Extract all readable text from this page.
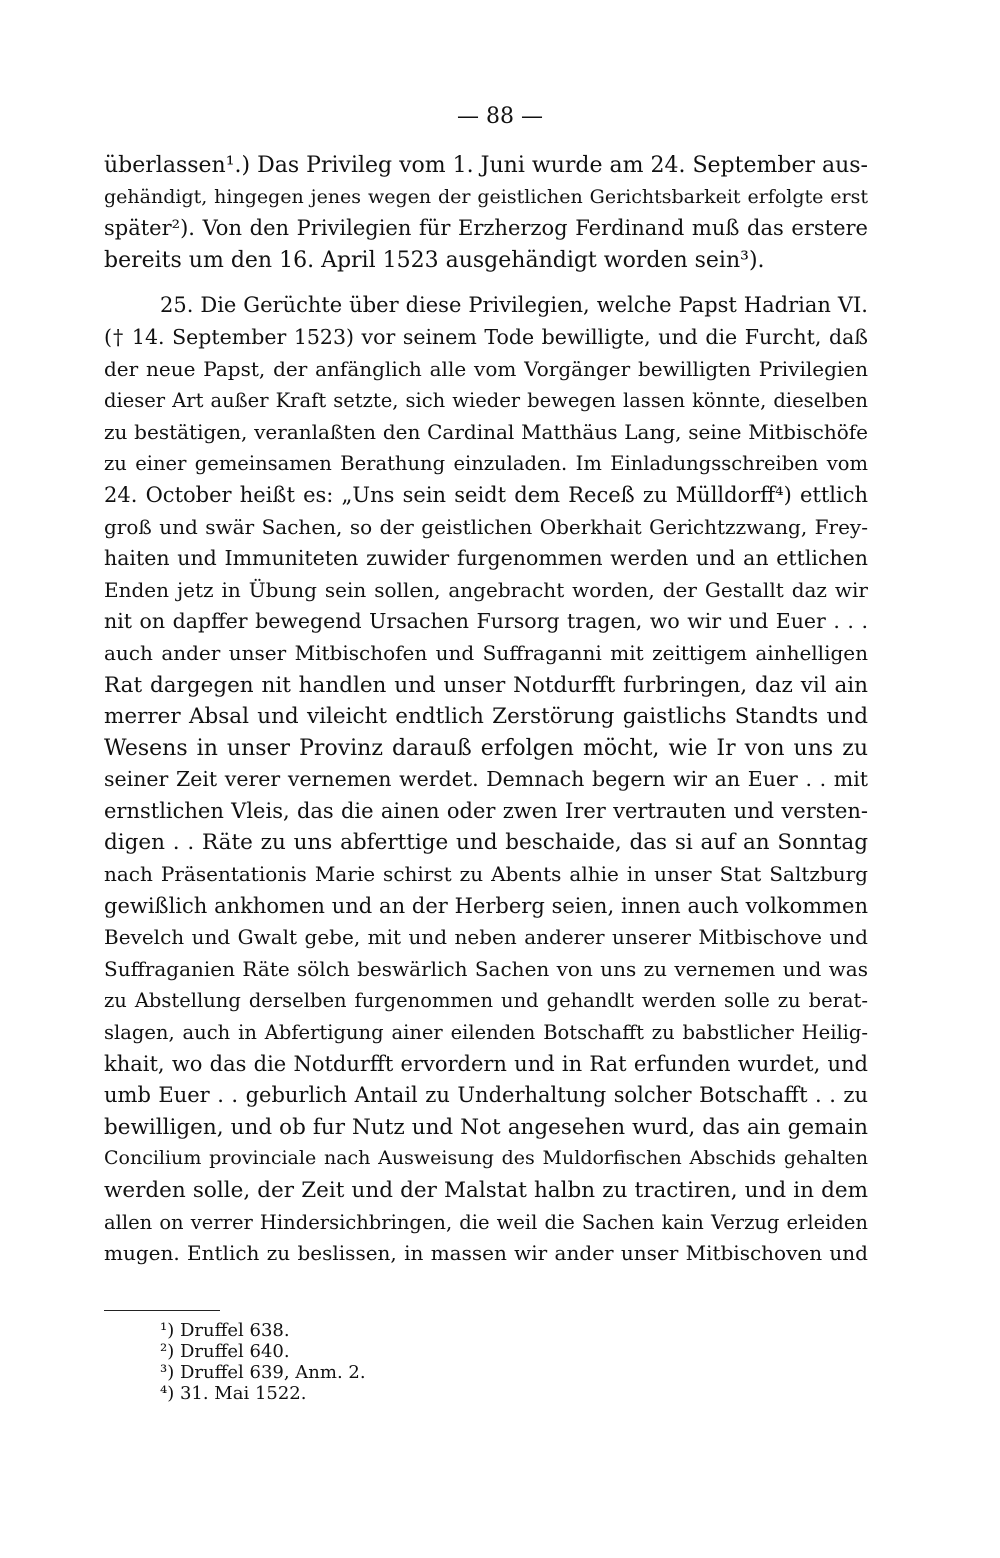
— 88 —
überlassen¹.) Das Privileg vom 1. Juni wurde am 24. September aus-
gehändigt, hingegen jenes wegen der geistlichen Gerichtsbarkeit erfolgte erst
später²). Von den Privilegien für Erzherzog Ferdinand muß das erstere
bereits um den 16. April 1523 ausgehändigt worden sein³).
25. Die Gerüchte über diese Privilegien, welche Papst Hadrian VI.
(† 14. September 1523) vor seinem Tode bewilligte, und die Furcht, daß
der neue Papst, der anfänglich alle vom Vorgänger bewilligten Privilegien
dieser Art außer Kraft setzte, sich wieder bewegen lassen könnte, dieselben
zu bestätigen, veranlaßten den Cardinal Matthäus Lang, seine Mitbischöfe
zu einer gemeinsamen Berathung einzuladen. Im Einladungsschreiben vom
24. October heißt es: „Uns sein seidt dem Receß zu Mülldorff⁴) ettlich
groß und swär Sachen, so der geistlichen Oberkhait Gerichtzzwang, Frey-
haiten und Immuniteten zuwider furgenommen werden und an ettlichen
Enden jetz in Übung sein sollen, angebracht worden, der Gestallt daz wir
nit on dapffer bewegend Ursachen Fursorg tragen, wo wir und Euer . . .
auch ander unser Mitbischofen und Suffraganni mit zeittigem ainhelligen
Rat dargegen nit handlen und unser Notdurfft furbringen, daz vil ain
merrer Absal und vileicht endtlich Zerstörung gaistlichs Standts und
Wesens in unser Provinz darauß erfolgen möcht, wie Ir von uns zu
seiner Zeit verer vernemen werdet. Demnach begern wir an Euer . . mit
ernstlichen Vleis, das die ainen oder zwen Irer vertrauten und versten-
digen . . Räte zu uns abferttige und beschaide, das si auf an Sonntag
nach Präsentationis Marie schirst zu Abents alhie in unser Stat Saltzburg
gewißlich ankhomen und an der Herberg seien, innen auch volkommen
Bevelch und Gwalt gebe, mit und neben anderer unserer Mitbischove und
Suffraganien Räte sölch beswärlich Sachen von uns zu vernemen und was
zu Abstellung derselben furgenommen und gehandlt werden solle zu berat-
slagen, auch in Abfertigung ainer eilenden Botschafft zu babstlicher Heilig-
khait, wo das die Notdurfft ervordern und in Rat erfunden wurdet, und
umb Euer . . geburlich Antail zu Underhaltung solcher Botschafft . . zu
bewilligen, und ob fur Nutz und Not angesehen wurd, das ain gemain
Concilium provinciale nach Ausweisung des Muldorfischen Abschids gehalten
werden solle, der Zeit und der Malstat halbn zu tractiren, und in dem
allen on verrer Hindersichbringen, die weil die Sachen kain Verzug erleiden
mugen. Entlich zu beslissen, in massen wir ander unser Mitbischoven und
¹) Druffel 638.
²) Druffel 640.
³) Druffel 639, Anm. 2.
⁴) 31. Mai 1522.
